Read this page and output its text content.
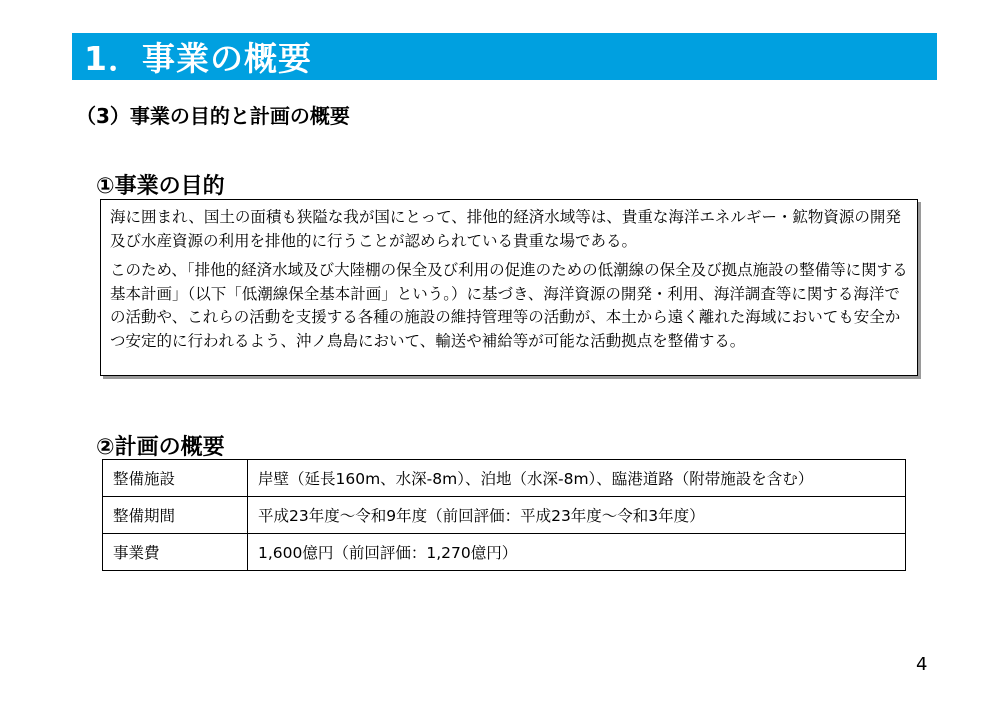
1．事業の概要
（3）事業の目的と計画の概要
①事業の目的

海に囲まれ、国土の面積も狭隘な我が国にとって、排他的経済水域等は、貴重な海洋エネルギー・鉱物資源の開発及び水産資源の利用を排他的に行うことが認められている貴重な場である。

このため、「排他的経済水域及び大陸棚の保全及び利用の促進のための低潮線の保全及び拠点施設の整備等に関する基本計画」（以下「低潮線保全基本計画」という。）に基づき、海洋資源の開発・利用、海洋調査等に関する海洋での活動や、これらの活動を支援する各種の施設の維持管理等の活動が、本土から遠く離れた海域においても安全かつ安定的に行われるよう、沖ノ鳥島において、輸送や補給等が可能な活動拠点を整備する。

②計画の概要
整備施設	岸壁（延長160m、水深-8m）、泊地（水深-8m）、臨港道路（附帯施設を含む）
整備期間	平成23年度～令和9年度（前回評価：平成23年度～令和3年度）
事業費	1,600億円（前回評価：1,270億円）
4
